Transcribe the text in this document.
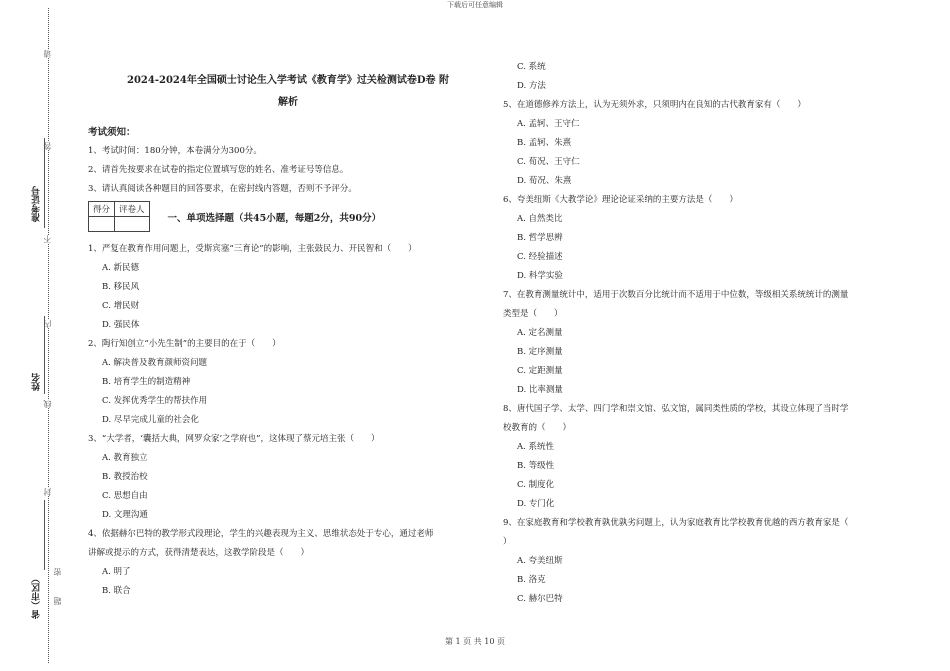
下载后可任意编辑
请
答
不
内
线
封
密
题
准考证号
姓名
省（市区）
2024-2024年全国硕士讨论生入学考试《教育学》过关检测试卷D卷 附
解析
考试须知：
1、考试时间：180分钟，本卷满分为300分。
2、请首先按要求在试卷的指定位置填写您的姓名、准考证号等信息。
3、请认真阅读各种题目的回答要求，在密封线内答题，否则不予评分。
得分	评卷人

一、单项选择题（共45小题，每题2分，共90分）
1、严复在教育作用问题上，受斯宾塞“三育论”的影响，主张鼓民力、开民智和（　　）
A. 新民德
B. 移民风
C. 增民财
D. 强民体
2、陶行知创立“小先生制”的主要目的在于（　　）
A. 解决普及教育颜师资问题
B. 培育学生的制造精神
C. 发挥优秀学生的帮扶作用
D. 尽早完成儿童的社会化
3、“大学者，‘囊括大典，网罗众家’之学府也”，这体现了蔡元培主张（　　）
A. 教育独立
B. 教授治校
C. 思想自由
D. 文理沟通
4、依据赫尔巴特的教学形式段理论，学生的兴趣表现为主义、思维状态处于专心，通过老师
讲解或提示的方式，获得清楚表达，这教学阶段是（　　）
A. 明了
B. 联合
C. 系统
D. 方法
5、在道德修养方法上，认为无须外求，只须明内在良知的古代教育家有（　　）
A. 孟轲、王守仁
B. 孟轲、朱熹
C. 荀况、王守仁
D. 荀况、朱熹
6、夸美纽斯《大教学论》理论论证采纳的主要方法是（　　）
A. 自然类比
B. 哲学思辨
C. 经验描述
D. 科学实验
7、在教育测量统计中，适用于次数百分比统计而不适用于中位数，等级相关系统统计的测量
类型是（　　）
A. 定名测量
B. 定序测量
C. 定距测量
D. 比率测量
8、唐代国子学、太学、四门学和崇文馆、弘文馆，属同类性质的学校，其设立体现了当时学
校教育的（　　）
A. 系统性
B. 等级性
C. 制度化
D. 专门化
9、在家庭教育和学校教育孰优孰劣问题上，认为家庭教育比学校教育优越的西方教育家是（
）
A. 夸美纽斯
B. 洛克
C. 赫尔巴特
第 1 页 共 10 页
